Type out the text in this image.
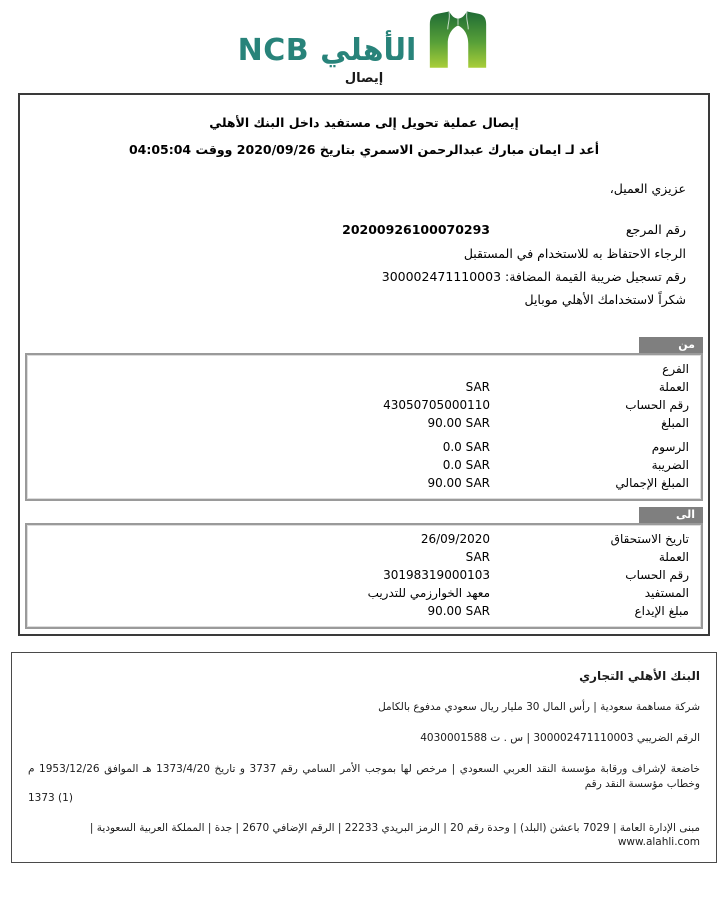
NCB الأهلي
إيصال
إيصال عملية تحويل إلى مستفيد داخل البنك الأهلي
أعد لـ ايمان مبارك عبدالرحمن الاسمري بتاريخ 2020/09/26 ووقت 04:05:04
عزيزي العميل،
رقم المرجع
20200926100070293
الرجاء الاحتفاظ به للاستخدام في المستقبل
رقم تسجيل ضريبة القيمة المضافة: 300002471110003
شكراً لاستخدامك الأهلي موبايل
من
الفرع
العملة
SAR
رقم الحساب
43050705000110
المبلغ
90.00 SAR
الرسوم
0.0 SAR
الضريبة
0.0 SAR
المبلغ الإجمالي
90.00 SAR
الى
تاريخ الاستحقاق
26/09/2020
العملة
SAR
رقم الحساب
30198319000103
المستفيد
معهد الخوارزمي للتدريب
مبلغ الإيداع
90.00 SAR
البنك الأهلي التجاري
شركة مساهمة سعودية | رأس المال 30 مليار ريال سعودي مدفوع بالكامل
الرقم الضريبي 300002471110003 | س . ت 4030001588
خاضعة لإشراف ورقابة مؤسسة النقد العربي السعودي | مرخص لها بموجب الأمر السامي رقم 3737 و تاريخ 1373/4/20 هـ الموافق 1953/12/26 م وخطاب مؤسسة النقد رقم
1373 (1)
مبنى الإدارة العامة | 7029 باعشن (البلد) | وحدة رقم 20 | الرمز البريدي 22233 | الرقم الإضافي 2670 | جدة | المملكة العربية السعودية | www.alahli.com
